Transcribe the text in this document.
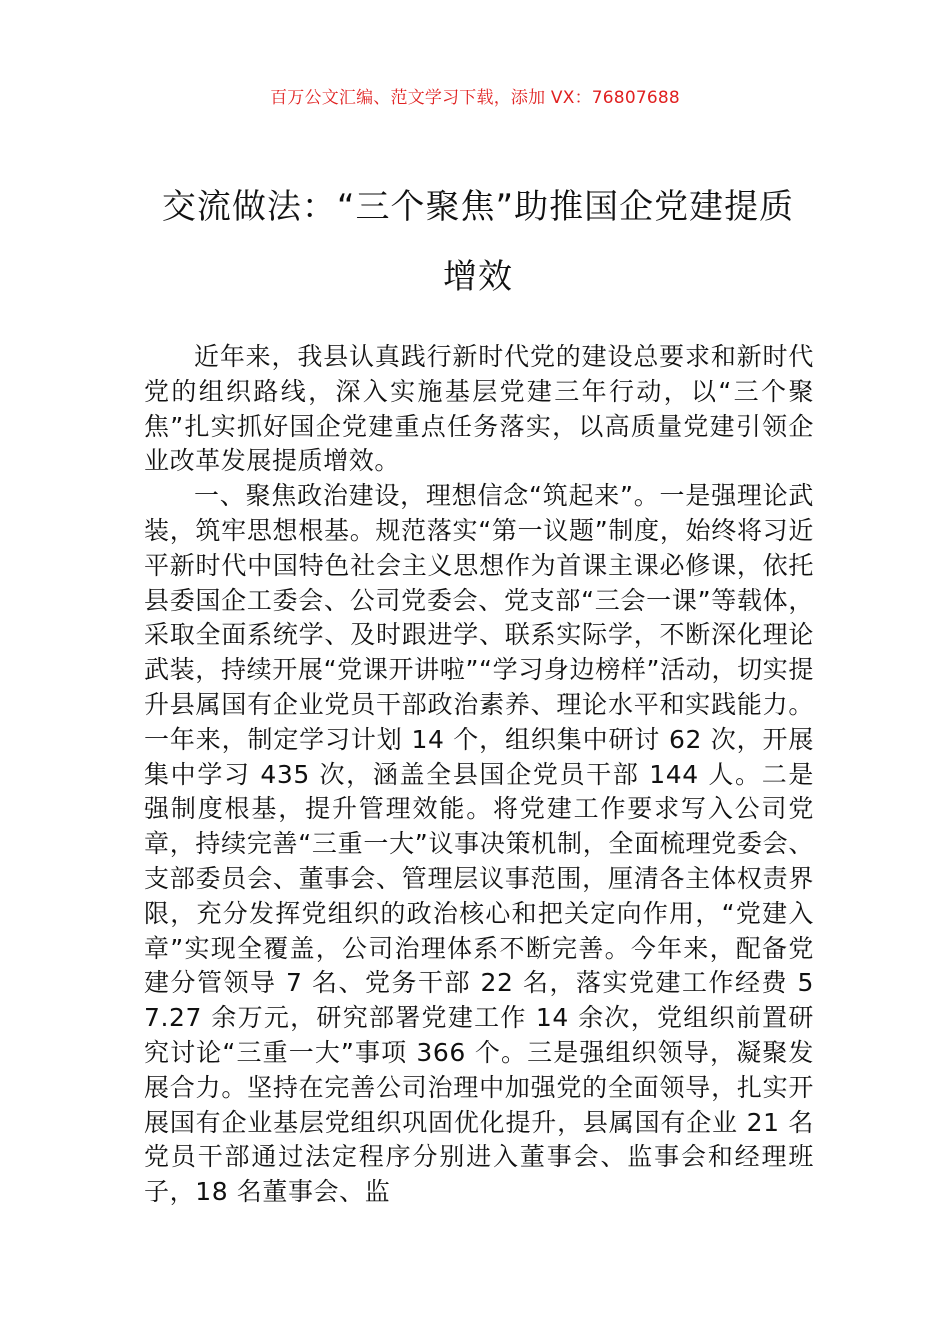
百万公文汇编、范文学习下载，添加 VX：76807688
交流做法：“三个聚焦”助推国企党建提质增效

近年来，我县认真践行新时代党的建设总要求和新时代党的组织路线，深入实施基层党建三年行动，以“三个聚焦”扎实抓好国企党建重点任务落实，以高质量党建引领企业改革发展提质增效。

一、聚焦政治建设，理想信念“筑起来”。一是强理论武装，筑牢思想根基。规范落实“第一议题”制度，始终将习近平新时代中国特色社会主义思想作为首课主课必修课，依托县委国企工委会、公司党委会、党支部“三会一课”等载体，采取全面系统学、及时跟进学、联系实际学，不断深化理论武装，持续开展“党课开讲啦”“学习身边榜样”活动，切实提升县属国有企业党员干部政治素养、理论水平和实践能力。一年来，制定学习计划 14 个，组织集中研讨 62 次，开展集中学习 435 次，涵盖全县国企党员干部 144 人。二是强制度根基，提升管理效能。将党建工作要求写入公司党章，持续完善“三重一大”议事决策机制，全面梳理党委会、支部委员会、董事会、管理层议事范围，厘清各主体权责界限，充分发挥党组织的政治核心和把关定向作用，“党建入章”实现全覆盖，公司治理体系不断完善。今年来，配备党建分管领导 7 名、党务干部 22 名，落实党建工作经费 57.27 余万元，研究部署党建工作 14 余次，党组织前置研究讨论“三重一大”事项 366 个。三是强组织领导，凝聚发展合力。坚持在完善公司治理中加强党的全面领导，扎实开展国有企业基层党组织巩固优化提升，县属国有企业 21 名党员干部通过法定程序分别进入董事会、监事会和经理班子，18 名董事会、监
